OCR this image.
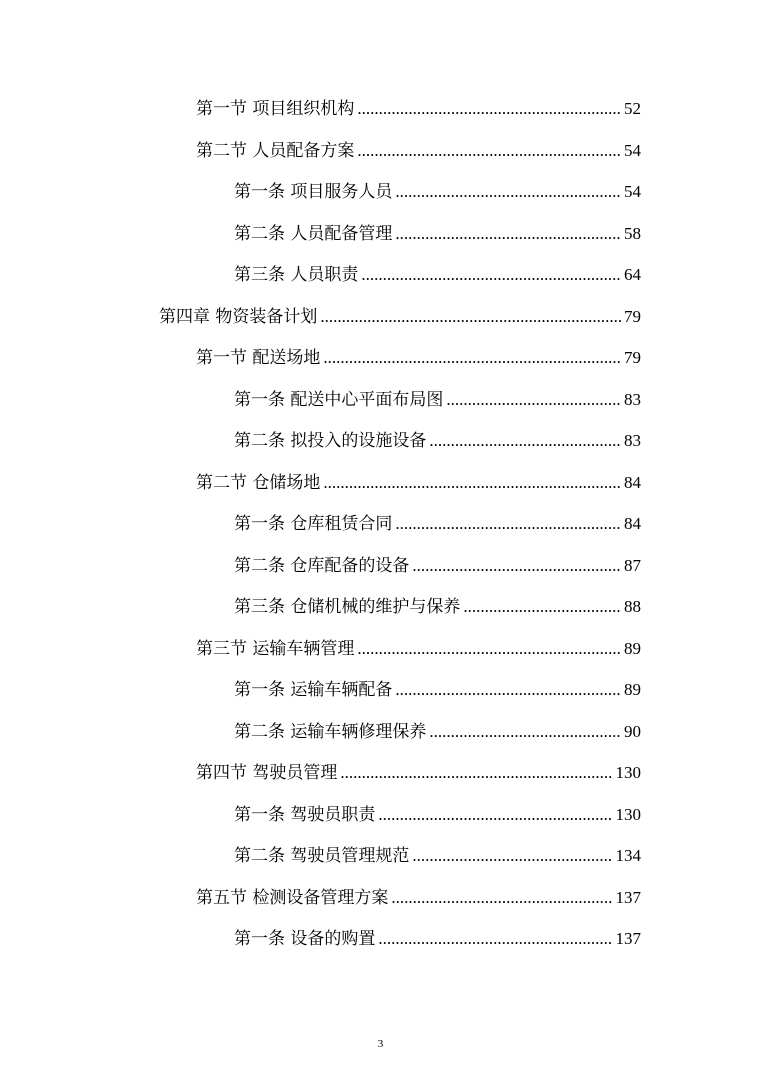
第一节 项目组织机构 .....	52
第二节 人员配备方案 .....	54
第一条 项目服务人员 .....	54
第二条 人员配备管理 .....	58
第三条 人员职责 .....	64
第四章 物资装备计划 .....	79
第一节 配送场地 .....	79
第一条 配送中心平面布局图 .....	83
第二条 拟投入的设施设备 .....	83
第二节 仓储场地 .....	84
第一条 仓库租赁合同 .....	84
第二条 仓库配备的设备 .....	87
第三条 仓储机械的维护与保养 .....	88
第三节 运输车辆管理 .....	89
第一条 运输车辆配备 .....	89
第二条 运输车辆修理保养 .....	90
第四节 驾驶员管理 .....	130
第一条 驾驶员职责 .....	130
第二条 驾驶员管理规范 .....	134
第五节 检测设备管理方案 .....	137
第一条 设备的购置 .....	137
3
